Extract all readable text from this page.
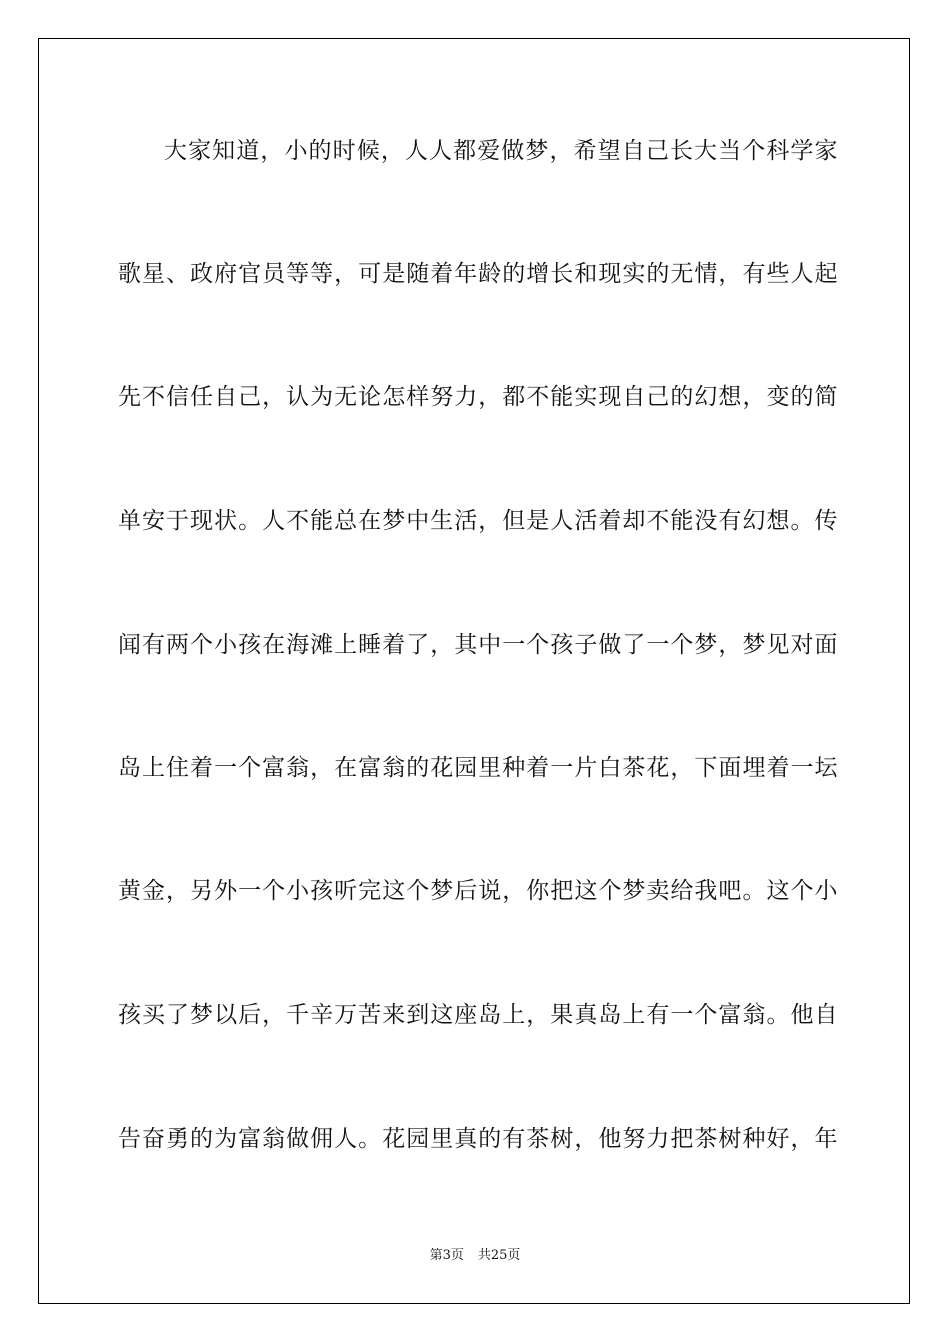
大家知道，小的时候，人人都爱做梦，希望自己长大当个科学家
歌星、政府官员等等，可是随着年龄的增长和现实的无情，有些人起
先不信任自己，认为无论怎样努力，都不能实现自己的幻想，变的简
单安于现状。人不能总在梦中生活，但是人活着却不能没有幻想。传
闻有两个小孩在海滩上睡着了，其中一个孩子做了一个梦，梦见对面
岛上住着一个富翁，在富翁的花园里种着一片白茶花，下面埋着一坛
黄金，另外一个小孩听完这个梦后说，你把这个梦卖给我吧。这个小
孩买了梦以后，千辛万苦来到这座岛上，果真岛上有一个富翁。他自
告奋勇的为富翁做佣人。花园里真的有茶树，他努力把茶树种好，年
第3页 共25页
